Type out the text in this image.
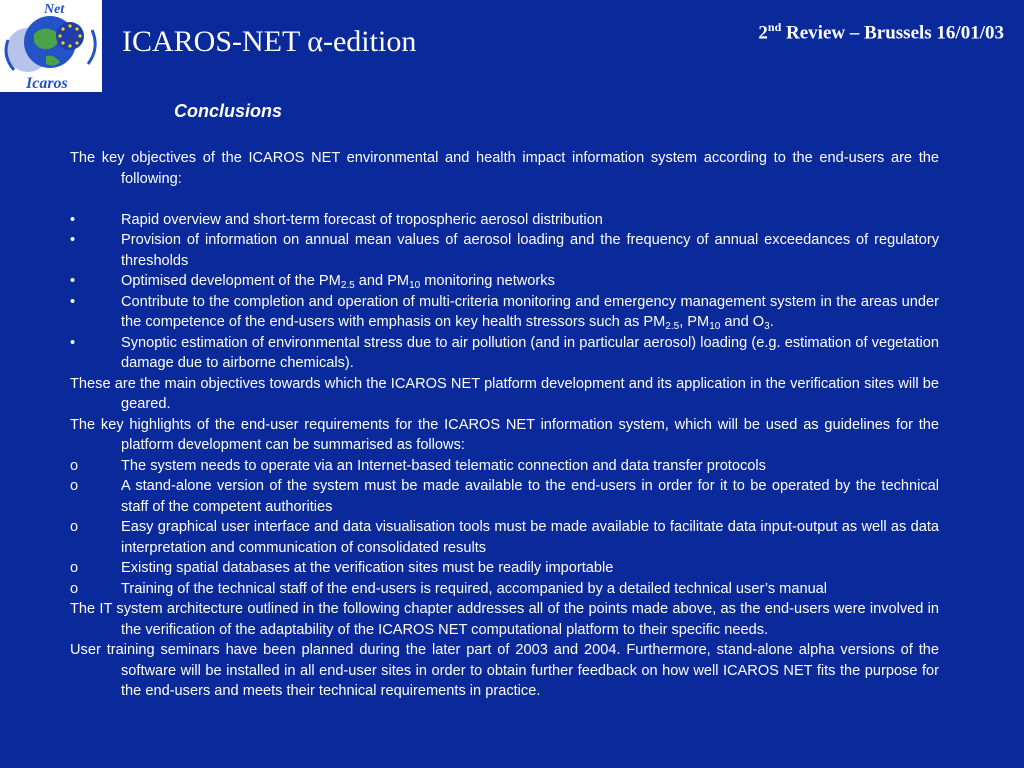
Net
Icaros
ICAROS-NET α-edition	2nd Review – Brussels 16/01/03
Conclusions

The key objectives of the ICAROS NET environmental and health impact information system according to the end-users are the following:

•	Rapid overview and short-term forecast of tropospheric aerosol distribution
•	Provision of information on annual mean values of aerosol loading and the frequency of annual exceedances of regulatory thresholds
•	Optimised development of the $PM_{2.5}$ and $PM_{10}$ monitoring networks
•	Contribute to the completion and operation of multi-criteria monitoring and emergency management system in the areas under the competence of the end-users with emphasis on key health stressors such as $PM_{2.5}$, $PM_{10}$ and $O_3$.
•	Synoptic estimation of environmental stress due to air pollution (and in particular aerosol) loading (e.g. estimation of vegetation damage due to airborne chemicals).

These are the main objectives towards which the ICAROS NET platform development and its application in the verification sites will be geared.

The key highlights of the end-user requirements for the ICAROS NET information system, which will be used as guidelines for the platform development can be summarised as follows:

o	The system needs to operate via an Internet-based telematic connection and data transfer protocols
o	A stand-alone version of the system must be made available to the end-users in order for it to be operated by the technical staff of the competent authorities
o	Easy graphical user interface and data visualisation tools must be made available to facilitate data input-output as well as data interpretation and communication of consolidated results
o	Existing spatial databases at the verification sites must be readily importable
o	Training of the technical staff of the end-users is required, accompanied by a detailed technical user’s manual

The IT system architecture outlined in the following chapter addresses all of the points made above, as the end-users were involved in the verification of the adaptability of the ICAROS NET computational platform to their specific needs.

User training seminars have been planned during the later part of 2003 and 2004. Furthermore, stand-alone alpha versions of the software will be installed in all end-user sites in order to obtain further feedback on how well ICAROS NET fits the purpose for the end-users and meets their technical requirements in practice.
